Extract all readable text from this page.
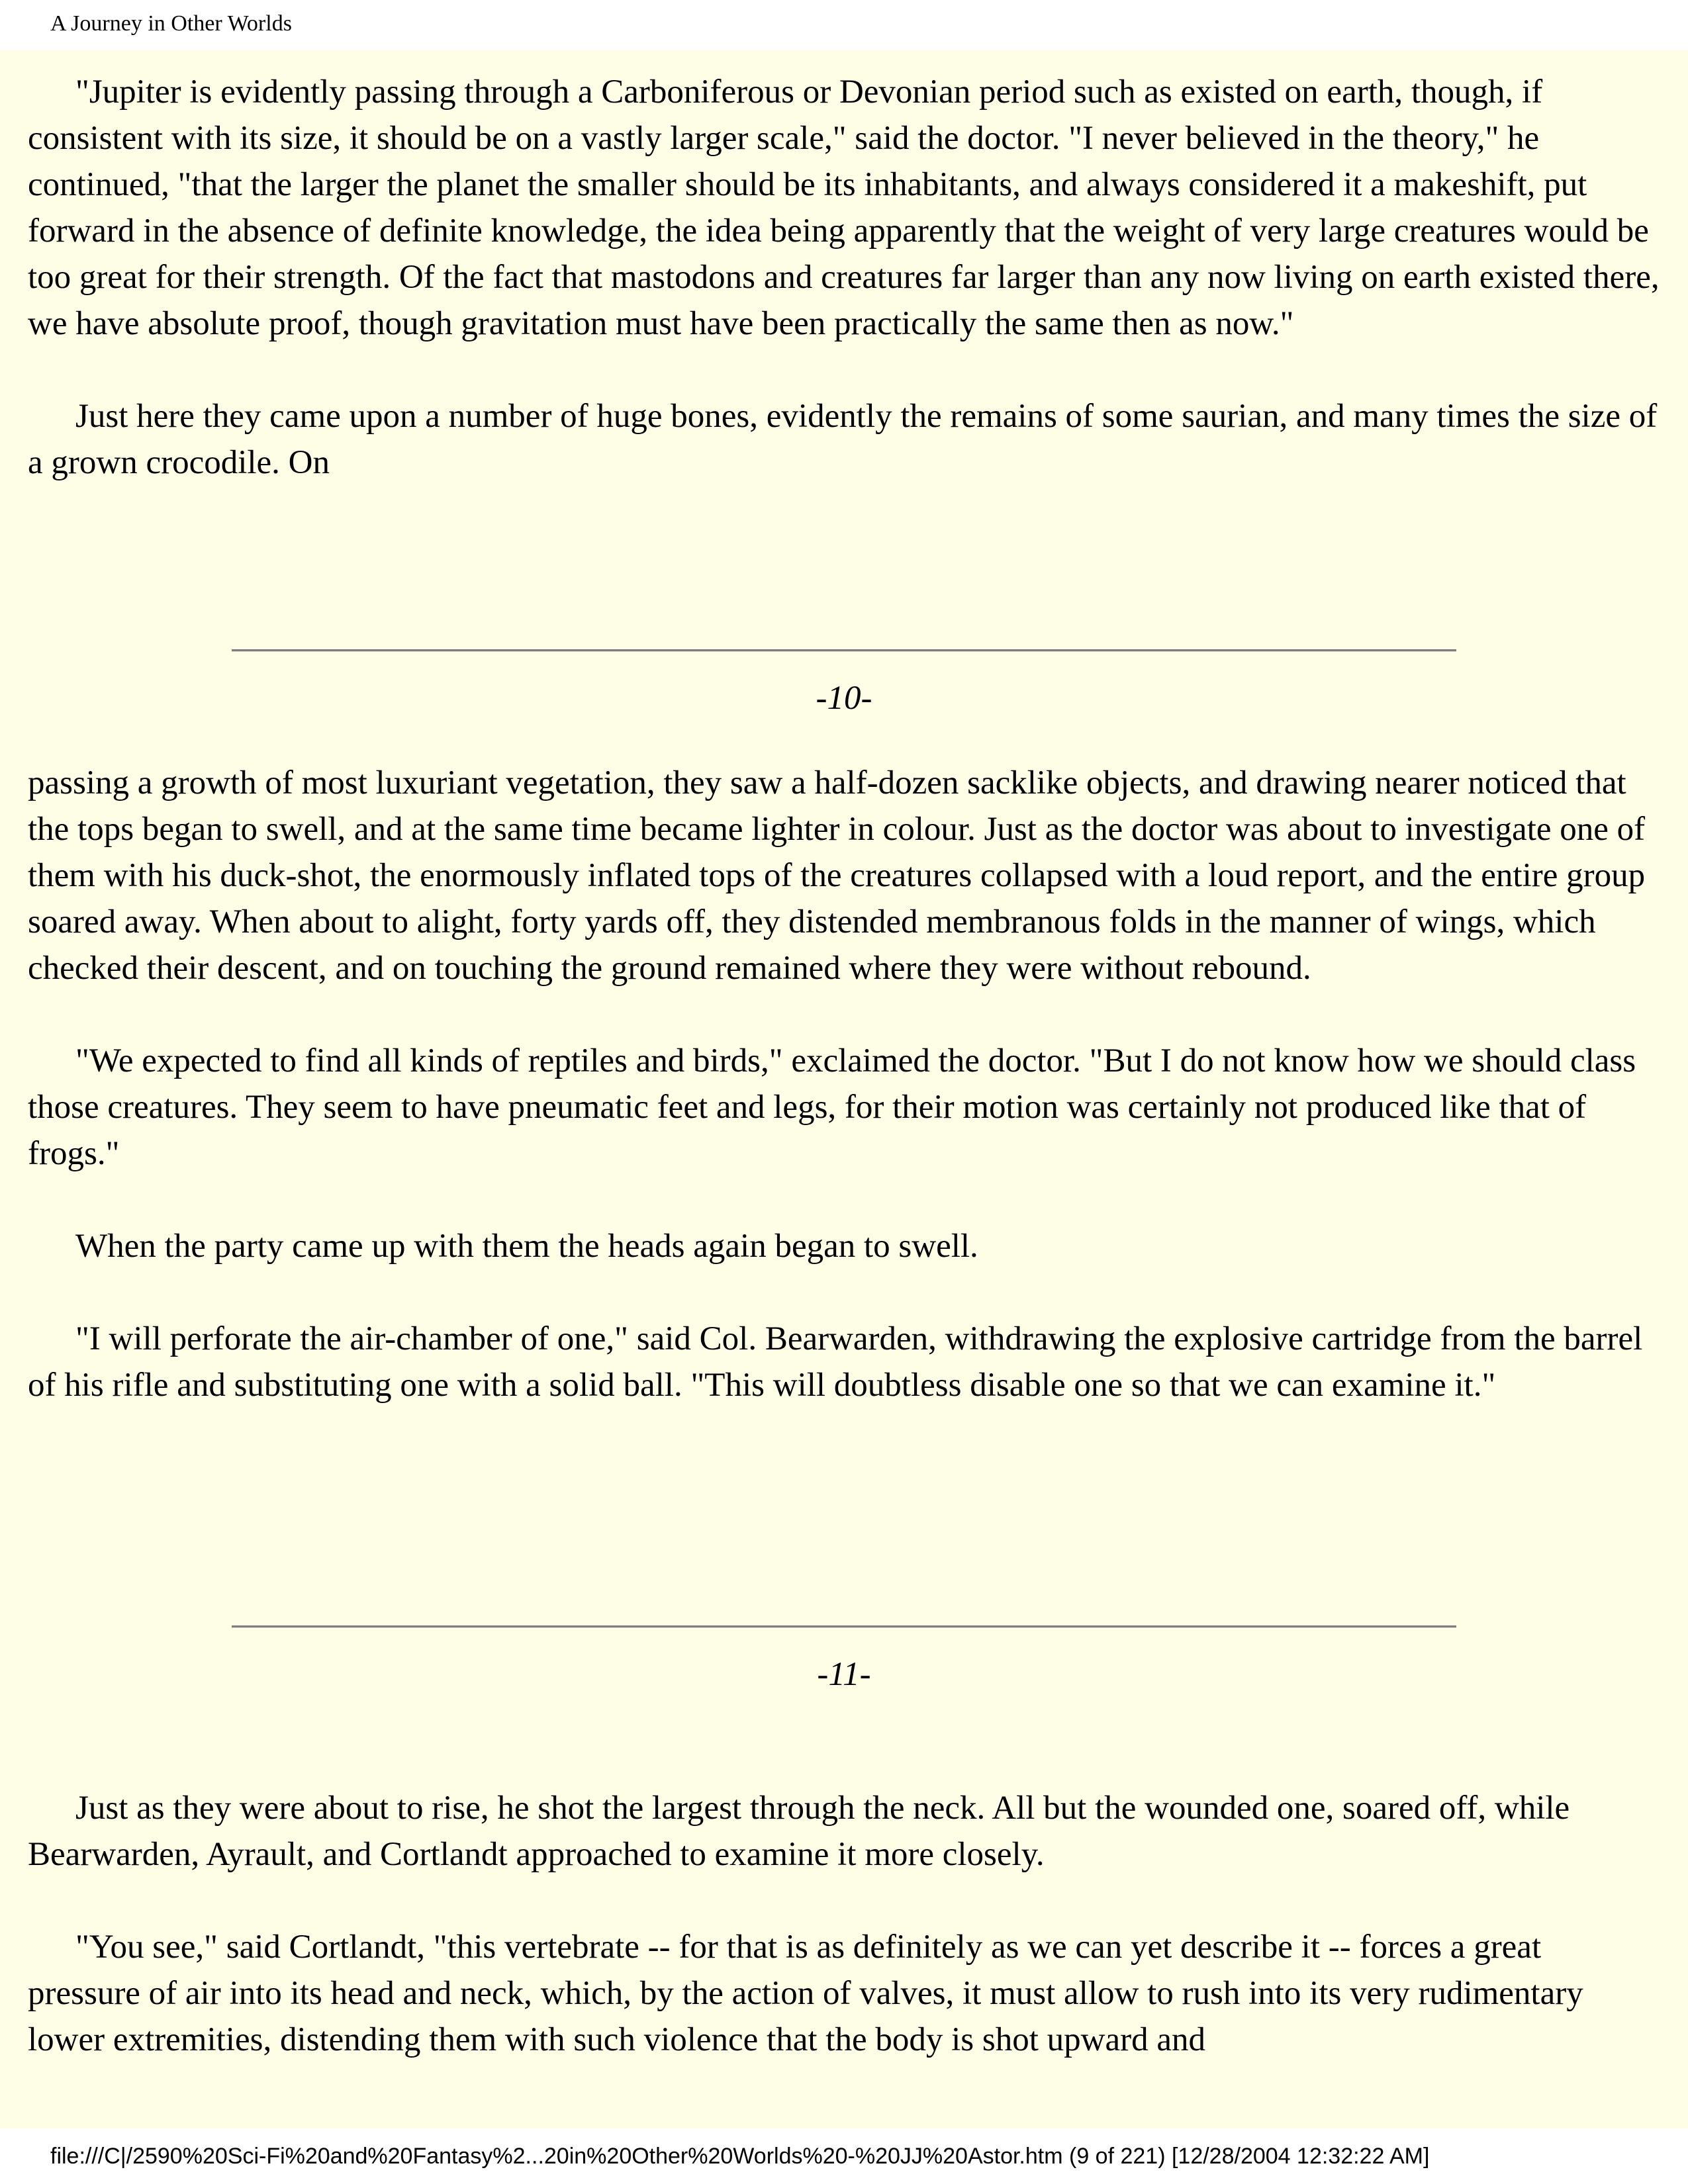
A Journey in Other Worlds

"Jupiter is evidently passing through a Carboniferous or Devonian period such as existed on earth, though, if consistent with its size, it should be on a vastly larger scale," said the doctor. "I never believed in the theory," he continued, "that the larger the planet the smaller should be its inhabitants, and always considered it a makeshift, put forward in the absence of definite knowledge, the idea being apparently that the weight of very large creatures would be too great for their strength. Of the fact that mastodons and creatures far larger than any now living on earth existed there, we have absolute proof, though gravitation must have been practically the same then as now."

Just here they came upon a number of huge bones, evidently the remains of some saurian, and many times the size of a grown crocodile. On

-10-

passing a growth of most luxuriant vegetation, they saw a half-dozen sacklike objects, and drawing nearer noticed that the tops began to swell, and at the same time became lighter in colour. Just as the doctor was about to investigate one of them with his duck-shot, the enormously inflated tops of the creatures collapsed with a loud report, and the entire group soared away. When about to alight, forty yards off, they distended membranous folds in the manner of wings, which checked their descent, and on touching the ground remained where they were without rebound.

"We expected to find all kinds of reptiles and birds," exclaimed the doctor. "But I do not know how we should class those creatures. They seem to have pneumatic feet and legs, for their motion was certainly not produced like that of frogs."

When the party came up with them the heads again began to swell.

"I will perforate the air-chamber of one," said Col. Bearwarden, withdrawing the explosive cartridge from the barrel of his rifle and substituting one with a solid ball. "This will doubtless disable one so that we can examine it."

-11-

Just as they were about to rise, he shot the largest through the neck. All but the wounded one, soared off, while Bearwarden, Ayrault, and Cortlandt approached to examine it more closely.

"You see," said Cortlandt, "this vertebrate -- for that is as definitely as we can yet describe it -- forces a great pressure of air into its head and neck, which, by the action of valves, it must allow to rush into its very rudimentary lower extremities, distending them with such violence that the body is shot upward and

file:///C|/2590%20Sci-Fi%20and%20Fantasy%2...20in%20Other%20Worlds%20-%20JJ%20Astor.htm (9 of 221) [12/28/2004 12:32:22 AM]
